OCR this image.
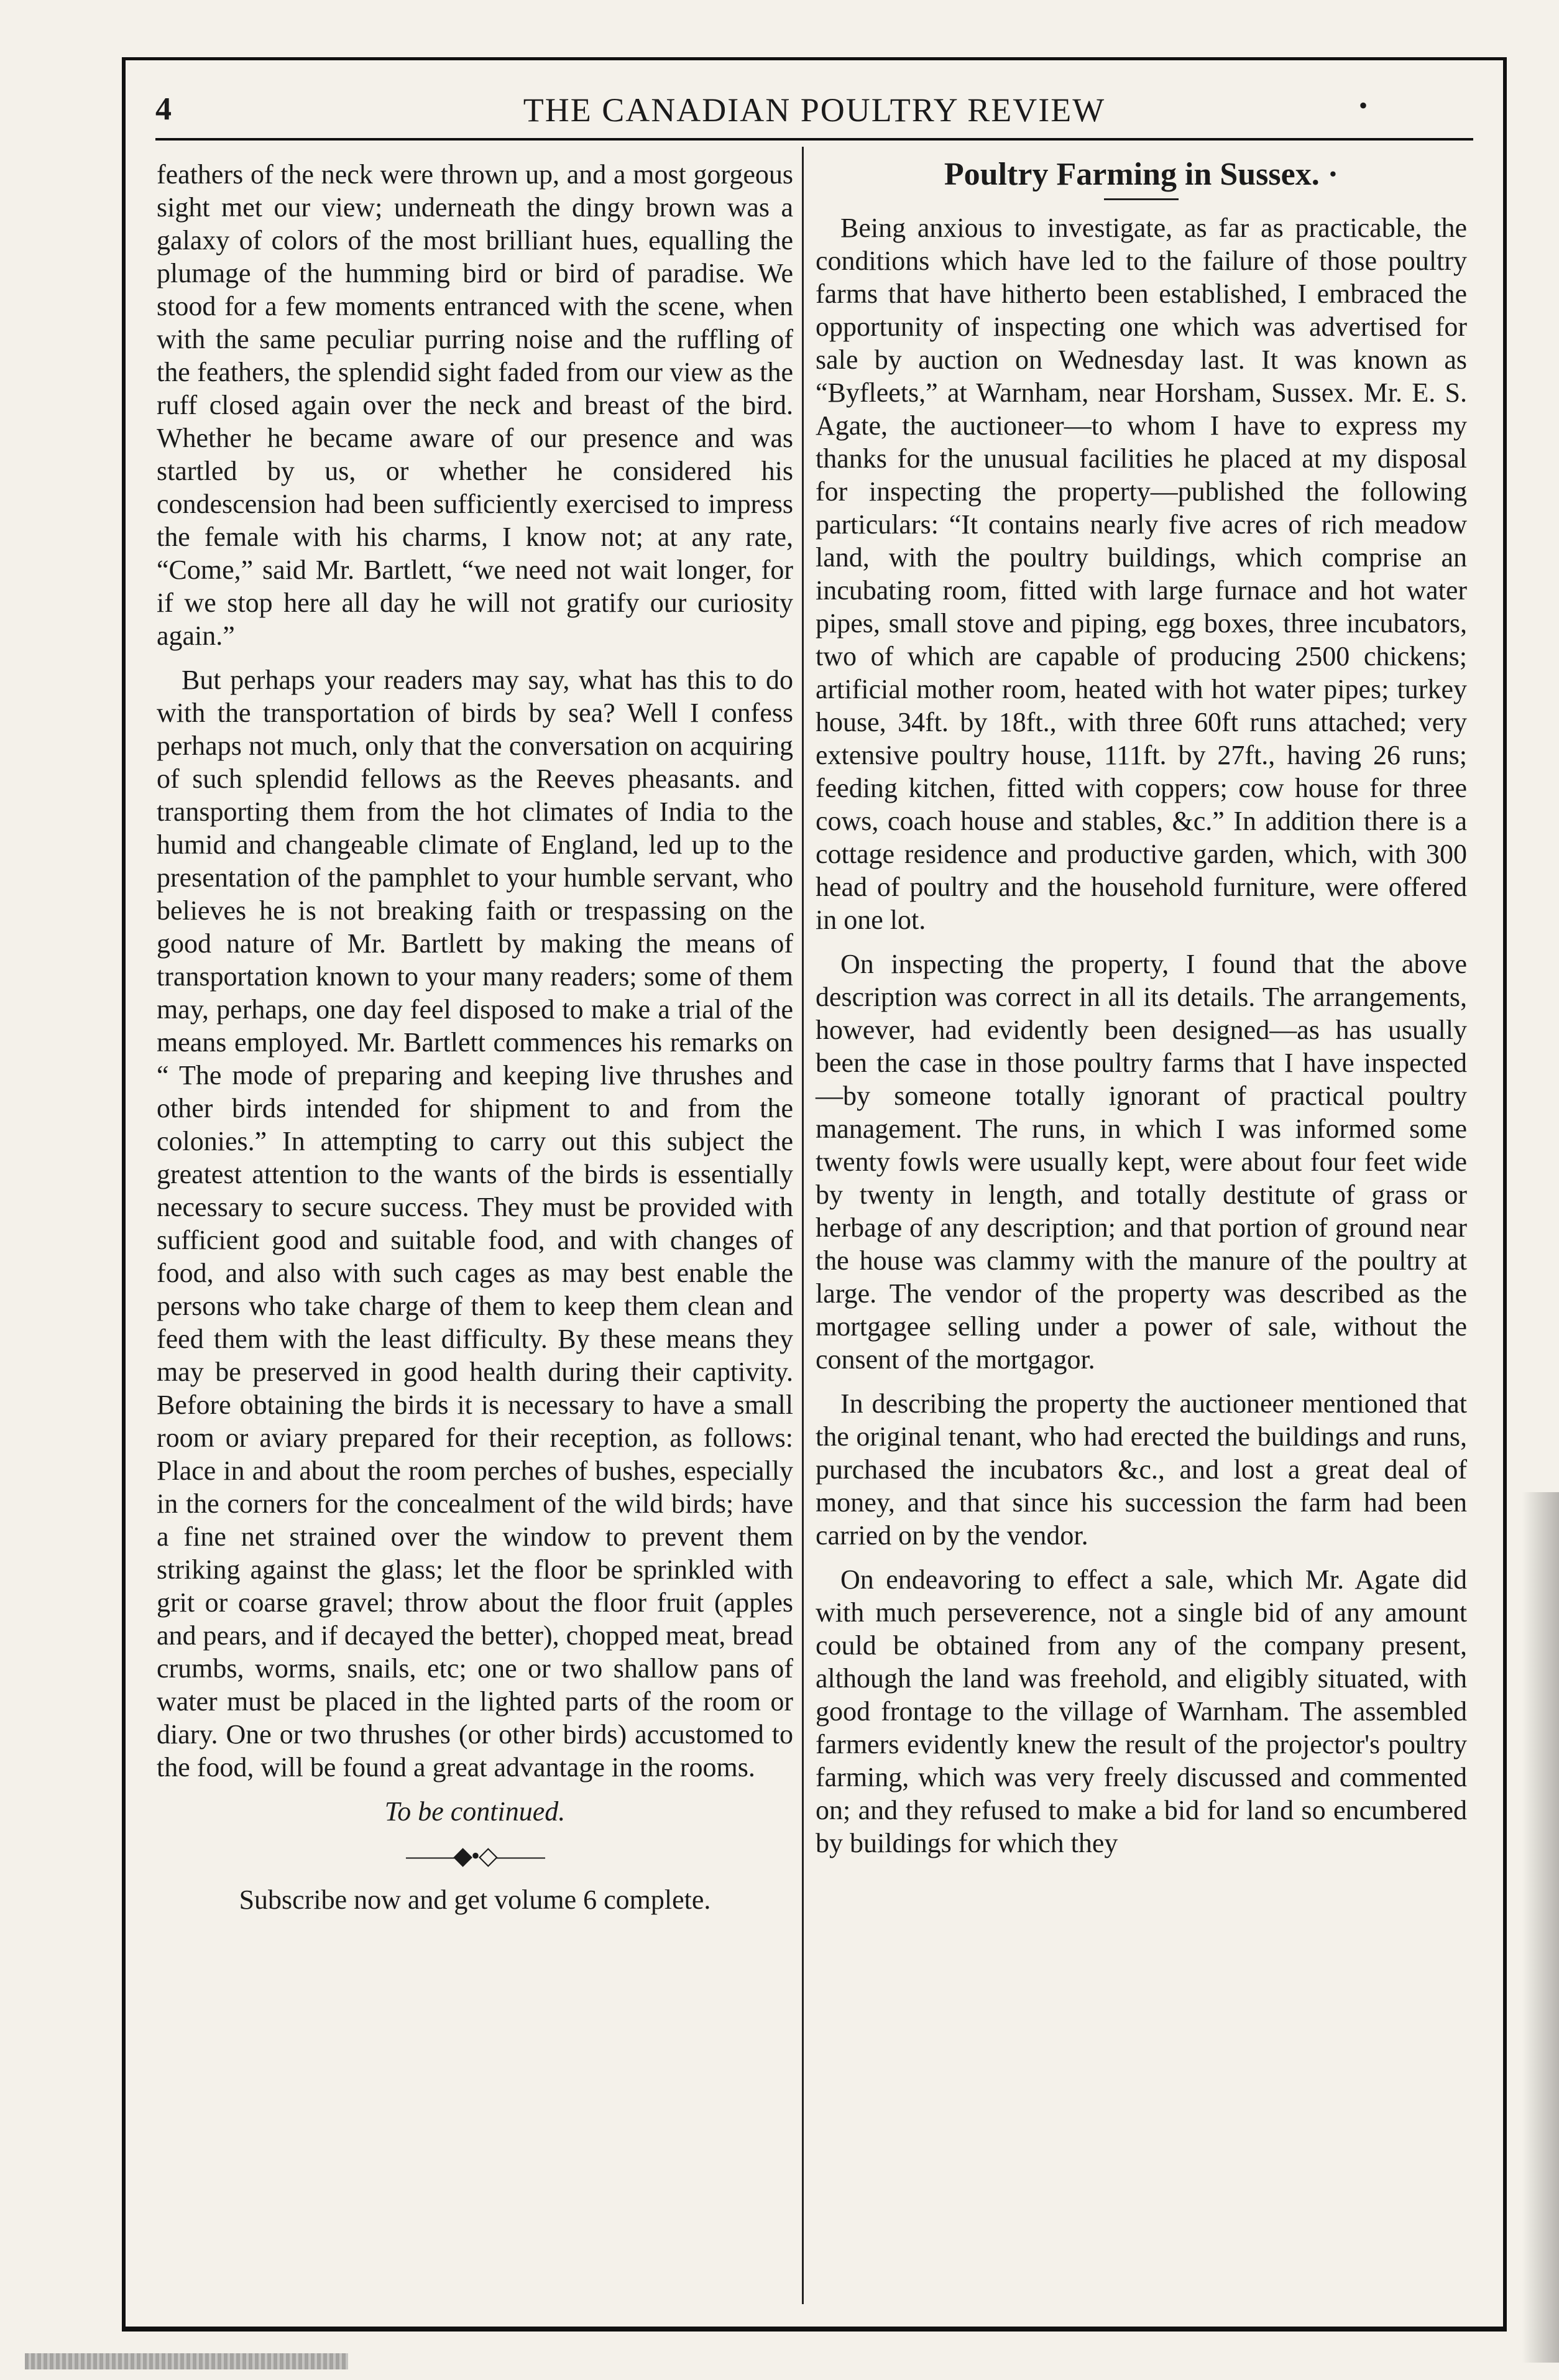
4	THE CANADIAN POULTRY REVIEW	•

feathers of the neck were thrown up, and a most gorgeous sight met our view; underneath the dingy brown was a galaxy of colors of the most brilliant hues, equalling the plumage of the humming bird or bird of paradise. We stood for a few moments entranced with the scene, when with the same peculiar purring noise and the ruffling of the feathers, the splendid sight faded from our view as the ruff closed again over the neck and breast of the bird. Whether he became aware of our presence and was startled by us, or whether he considered his condescension had been sufficiently exercised to impress the female with his charms, I know not; at any rate, “Come,” said Mr. Bartlett, “we need not wait longer, for if we stop here all day he will not gratify our curiosity again.”

But perhaps your readers may say, what has this to do with the transportation of birds by sea? Well I confess perhaps not much, only that the conversation on acquiring of such splendid fellows as the Reeves pheasants. and transporting them from the hot climates of India to the humid and changeable climate of England, led up to the presentation of the pamphlet to your humble servant, who believes he is not breaking faith or trespassing on the good nature of Mr. Bartlett by making the means of transportation known to your many readers; some of them may, perhaps, one day feel disposed to make a trial of the means employed. Mr. Bartlett commences his remarks on “ The mode of preparing and keeping live thrushes and other birds intended for shipment to and from the colonies.” In attempting to carry out this subject the greatest attention to the wants of the birds is essentially necessary to secure success. They must be provided with sufficient good and suitable food, and with changes of food, and also with such cages as may best enable the persons who take charge of them to keep them clean and feed them with the least difficulty. By these means they may be preserved in good health during their captivity. Before obtaining the birds it is necessary to have a small room or aviary prepared for their reception, as follows: Place in and about the room perches of bushes, especially in the corners for the concealment of the wild birds; have a fine net strained over the window to prevent them striking against the glass; let the floor be sprinkled with grit or coarse gravel; throw about the floor fruit (apples and pears, and if decayed the better), chopped meat, bread crumbs, worms, snails, etc; one or two shallow pans of water must be placed in the lighted parts of the room or diary. One or two thrushes (or other birds) accustomed to the food, will be found a great advantage in the rooms.

To be continued.

——◆•◇——

Subscribe now and get volume 6 complete.

Poultry Farming in Sussex. ·

Being anxious to investigate, as far as practicable, the conditions which have led to the failure of those poultry farms that have hitherto been established, I embraced the opportunity of inspecting one which was advertised for sale by auction on Wednesday last. It was known as “Byfleets,” at Warnham, near Horsham, Sussex. Mr. E. S. Agate, the auctioneer—to whom I have to express my thanks for the unusual facilities he placed at my disposal for inspecting the property—published the following particulars: “It contains nearly five acres of rich meadow land, with the poultry buildings, which comprise an incubating room, fitted with large furnace and hot water pipes, small stove and piping, egg boxes, three incubators, two of which are capable of producing 2500 chickens; artificial mother room, heated with hot water pipes; turkey house, 34ft. by 18ft., with three 60ft runs attached; very extensive poultry house, 111ft. by 27ft., having 26 runs; feeding kitchen, fitted with coppers; cow house for three cows, coach house and stables, &c.” In addition there is a cottage residence and productive garden, which, with 300 head of poultry and the household furniture, were offered in one lot.

On inspecting the property, I found that the above description was correct in all its details. The arrangements, however, had evidently been designed—as has usually been the case in those poultry farms that I have inspected—by someone totally ignorant of practical poultry management. The runs, in which I was informed some twenty fowls were usually kept, were about four feet wide by twenty in length, and totally destitute of grass or herbage of any description; and that portion of ground near the house was clammy with the manure of the poultry at large. The vendor of the property was described as the mortgagee selling under a power of sale, without the consent of the mortgagor.

In describing the property the auctioneer mentioned that the original tenant, who had erected the buildings and runs, purchased the incubators &c., and lost a great deal of money, and that since his succession the farm had been carried on by the vendor.

On endeavoring to effect a sale, which Mr. Agate did with much perseverence, not a single bid of any amount could be obtained from any of the company present, although the land was freehold, and eligibly situated, with good frontage to the village of Warnham. The assembled farmers evidently knew the result of the projector's poultry farming, which was very freely discussed and commented on; and they refused to make a bid for land so encumbered by buildings for which they
